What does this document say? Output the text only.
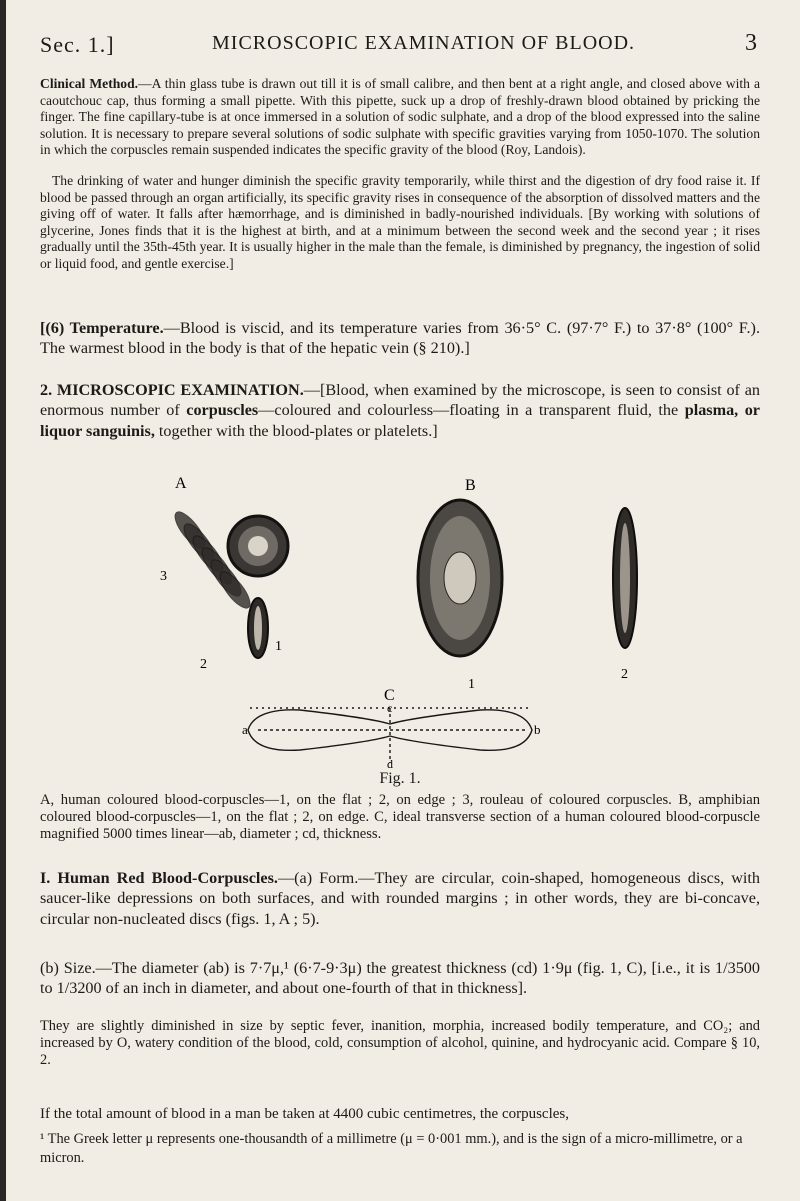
Sec. 1.]	MICROSCOPIC EXAMINATION OF BLOOD.	3

Clinical Method.—A thin glass tube is drawn out till it is of small calibre, and then bent at a right angle, and closed above with a caoutchouc cap, thus forming a small pipette. With this pipette, suck up a drop of freshly-drawn blood obtained by pricking the finger. The fine capillary-tube is at once immersed in a solution of sodic sulphate, and a drop of the blood expressed into the saline solution. It is necessary to prepare several solutions of sodic sulphate with specific gravities varying from 1050-1070. The solution in which the corpuscles remain suspended indicates the specific gravity of the blood (Roy, Landois).

The drinking of water and hunger diminish the specific gravity temporarily, while thirst and the digestion of dry food raise it. If blood be passed through an organ artificially, its specific gravity rises in consequence of the absorption of dissolved matters and the giving off of water. It falls after hæmorrhage, and is diminished in badly-nourished individuals. [By working with solutions of glycerine, Jones finds that it is the highest at birth, and at a minimum between the second week and the second year ; it rises gradually until the 35th-45th year. It is usually higher in the male than the female, is diminished by pregnancy, the ingestion of solid or liquid food, and gentle exercise.]

[(6) Temperature.—Blood is viscid, and its temperature varies from 36·5° C. (97·7° F.) to 37·8° (100° F.). The warmest blood in the body is that of the hepatic vein (§ 210).]

2. MICROSCOPIC EXAMINATION.—[Blood, when examined by the microscope, is seen to consist of an enormous number of corpuscles—coloured and colourless—floating in a transparent fluid, the plasma, or liquor sanguinis, together with the blood-plates or platelets.]

A	B
3
2
1
1
2
C
a	b
c
d
Fig. 1.

A, human coloured blood-corpuscles—1, on the flat ; 2, on edge ; 3, rouleau of coloured corpuscles. B, amphibian coloured blood-corpuscles—1, on the flat ; 2, on edge. C, ideal transverse section of a human coloured blood-corpuscle magnified 5000 times linear—ab, diameter ; cd, thickness.

I. Human Red Blood-Corpuscles.—(a) Form.—They are circular, coin-shaped, homogeneous discs, with saucer-like depressions on both surfaces, and with rounded margins ; in other words, they are bi-concave, circular non-nucleated discs (figs. 1, A ; 5).

(b) Size.—The diameter (ab) is 7·7μ,¹ (6·7-9·3μ) the greatest thickness (cd) 1·9μ (fig. 1, C), [i.e., it is 1/3500 to 1/3200 of an inch in diameter, and about one-fourth of that in thickness].

They are slightly diminished in size by septic fever, inanition, morphia, increased bodily temperature, and CO₂; and increased by O, watery condition of the blood, cold, consumption of alcohol, quinine, and hydrocyanic acid. Compare § 10, 2.

If the total amount of blood in a man be taken at 4400 cubic centimetres, the corpuscles,

¹ The Greek letter μ represents one-thousandth of a millimetre (μ = 0·001 mm.), and is the sign of a micro-millimetre, or a micron.
